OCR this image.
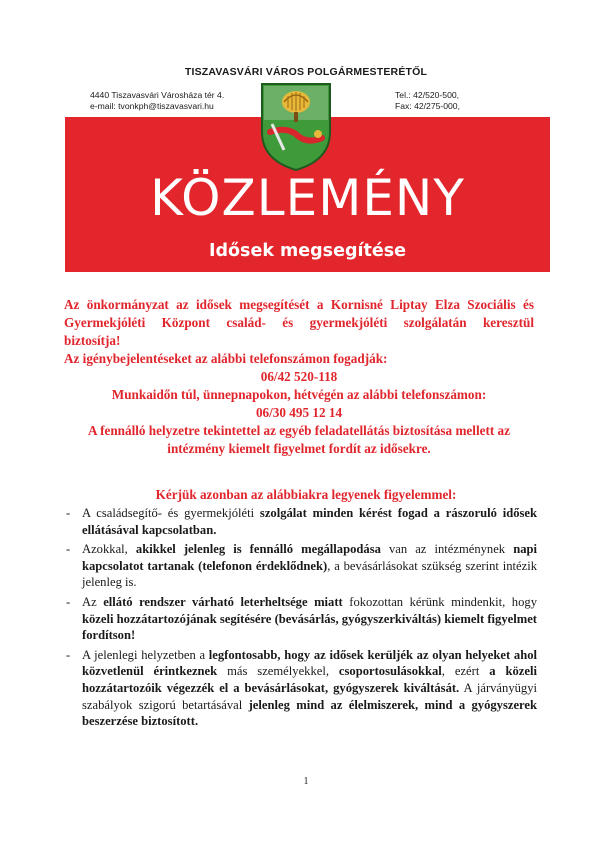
TISZAVASVÁRI VÁROS POLGÁRMESTERÉTŐL
4440 Tiszavasvári Városháza tér 4.
e-mail: tvonkph@tiszavasvari.hu
Tel.: 42/520-500,
Fax: 42/275-000,
KÖZLEMÉNY
Idősek megsegítése
Az önkormányzat az idősek megsegítését a Kornisné Liptay Elza Szociális és
Gyermekjóléti Központ család- és gyermekjóléti szolgálatán keresztül
biztosítja!
Az igénybejelentéseket az alábbi telefonszámon fogadják:
06/42 520-118
Munkaidőn túl, ünnepnapokon, hétvégén az alábbi telefonszámon:
06/30 495 12 14
A fennálló helyzetre tekintettel az egyéb feladatellátás biztosítása mellett az
intézmény kiemelt figyelmet fordít az idősekre.
Kérjük azonban az alábbiakra legyenek figyelemmel:
- A családsegítő- és gyermekjóléti szolgálat minden kérést fogad a rászoruló idősek ellátásával kapcsolatban.
- Azokkal, akikkel jelenleg is fennálló megállapodása van az intézménynek napi kapcsolatot tartanak (telefonon érdeklődnek), a bevásárlásokat szükség szerint intézik jelenleg is.
- Az ellátó rendszer várható leterheltsége miatt fokozottan kérünk mindenkit, hogy közeli hozzátartozójának segítésére (bevásárlás, gyógyszerkiváltás) kiemelt figyelmet fordítson!
- A jelenlegi helyzetben a legfontosabb, hogy az idősek kerüljék az olyan helyeket ahol közvetlenül érintkeznek más személyekkel, csoportosulásokkal, ezért a közeli hozzátartozóik végezzék el a bevásárlásokat, gyógyszerek kiváltását. A járványügyi szabályok szigorú betartásával jelenleg mind az élelmiszerek, mind a gyógyszerek beszerzése biztosított.
1
